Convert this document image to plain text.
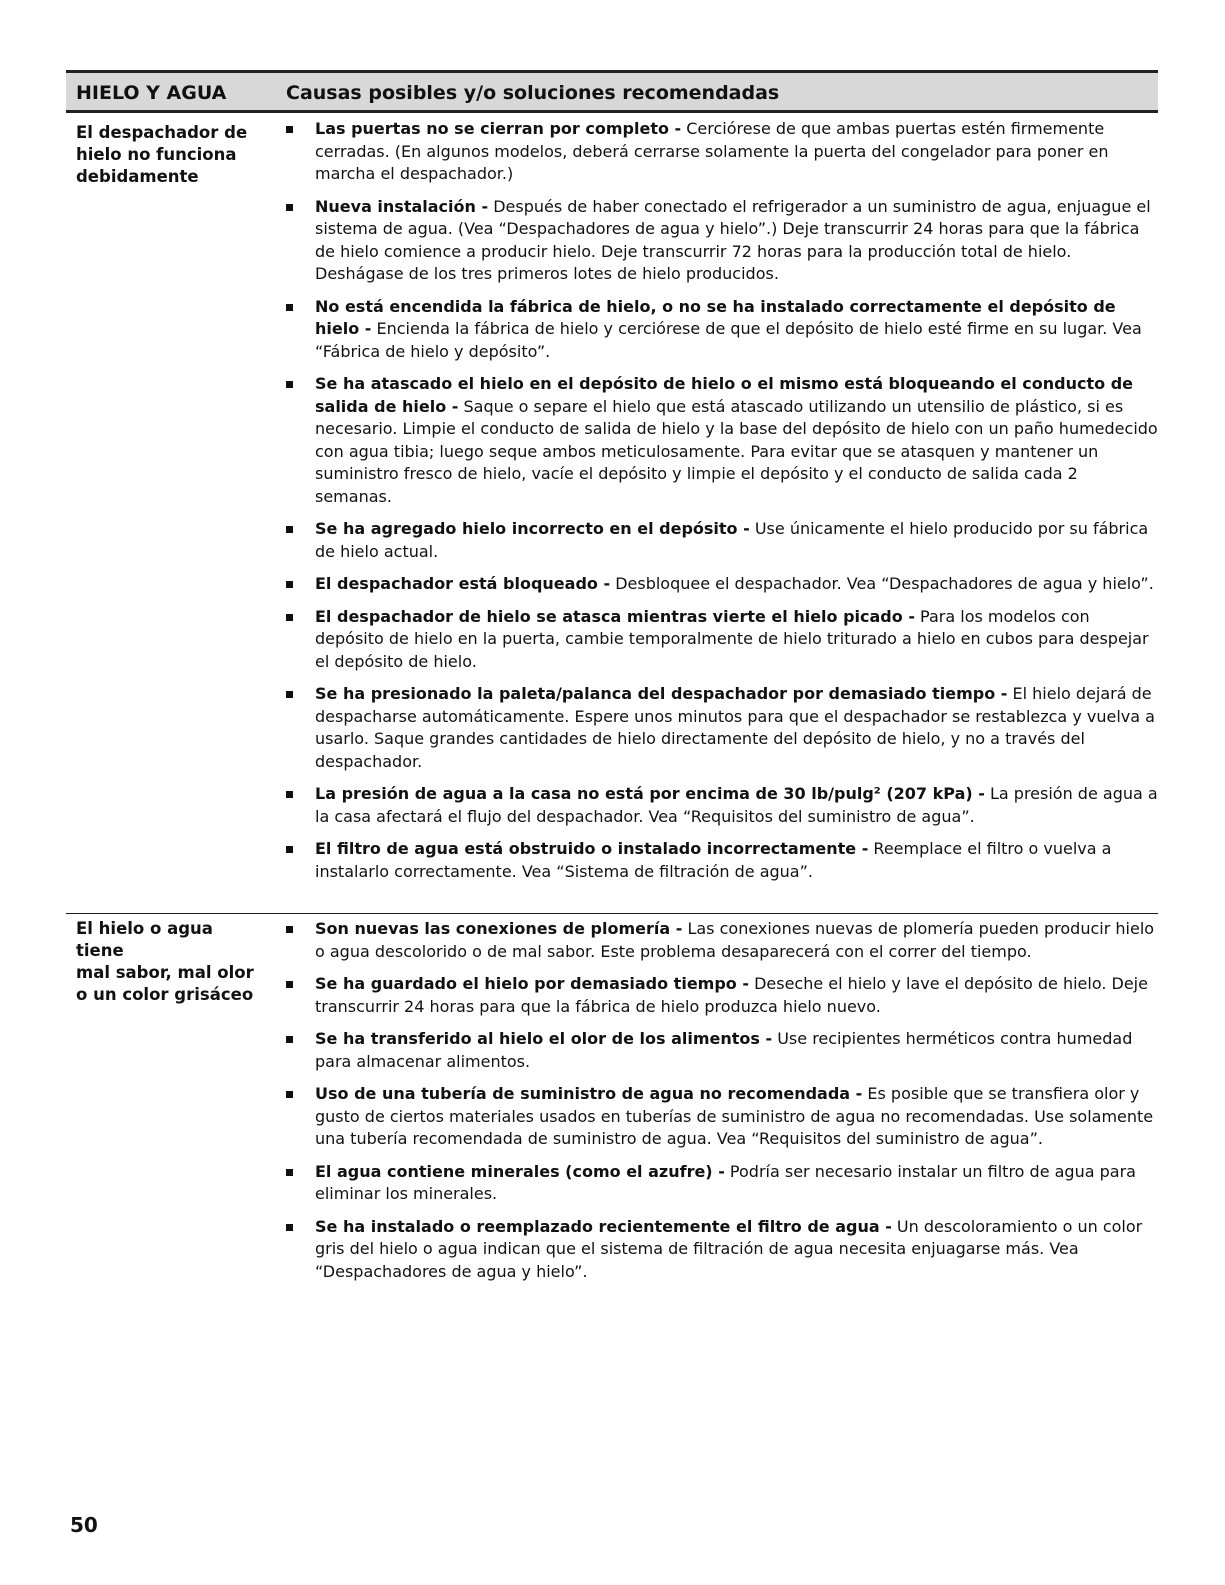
HIELO Y AGUA	Causas posibles y/o soluciones recomendadas
El despachador de
hielo no funciona
debidamente
Las puertas no se cierran por completo - Cerciórese de que ambas puertas estén firmemente cerradas. (En algunos modelos, deberá cerrarse solamente la puerta del congelador para poner en marcha el despachador.)
Nueva instalación - Después de haber conectado el refrigerador a un suministro de agua, enjuague el sistema de agua. (Vea “Despachadores de agua y hielo”.) Deje transcurrir 24 horas para que la fábrica de hielo comience a producir hielo. Deje transcurrir 72 horas para la producción total de hielo. Deshágase de los tres primeros lotes de hielo producidos.
No está encendida la fábrica de hielo, o no se ha instalado correctamente el depósito de hielo - Encienda la fábrica de hielo y cerciórese de que el depósito de hielo esté firme en su lugar. Vea “Fábrica de hielo y depósito”.
Se ha atascado el hielo en el depósito de hielo o el mismo está bloqueando el conducto de salida de hielo - Saque o separe el hielo que está atascado utilizando un utensilio de plástico, si es necesario. Limpie el conducto de salida de hielo y la base del depósito de hielo con un paño humedecido con agua tibia; luego seque ambos meticulosamente. Para evitar que se atasquen y mantener un suministro fresco de hielo, vacíe el depósito y limpie el depósito y el conducto de salida cada 2 semanas.
Se ha agregado hielo incorrecto en el depósito - Use únicamente el hielo producido por su fábrica de hielo actual.
El despachador está bloqueado - Desbloquee el despachador. Vea “Despachadores de agua y hielo”.
El despachador de hielo se atasca mientras vierte el hielo picado - Para los modelos con depósito de hielo en la puerta, cambie temporalmente de hielo triturado a hielo en cubos para despejar el depósito de hielo.
Se ha presionado la paleta/palanca del despachador por demasiado tiempo - El hielo dejará de despacharse automáticamente. Espere unos minutos para que el despachador se restablezca y vuelva a usarlo. Saque grandes cantidades de hielo directamente del depósito de hielo, y no a través del despachador.
La presión de agua a la casa no está por encima de 30 lb/pulg² (207 kPa) - La presión de agua a la casa afectará el flujo del despachador. Vea “Requisitos del suministro de agua”.
El filtro de agua está obstruido o instalado incorrectamente - Reemplace el filtro o vuelva a instalarlo correctamente. Vea “Sistema de filtración de agua”.
El hielo o agua tiene
mal sabor, mal olor
o un color grisáceo
Son nuevas las conexiones de plomería - Las conexiones nuevas de plomería pueden producir hielo o agua descolorido o de mal sabor. Este problema desaparecerá con el correr del tiempo.
Se ha guardado el hielo por demasiado tiempo - Deseche el hielo y lave el depósito de hielo. Deje transcurrir 24 horas para que la fábrica de hielo produzca hielo nuevo.
Se ha transferido al hielo el olor de los alimentos - Use recipientes herméticos contra humedad para almacenar alimentos.
Uso de una tubería de suministro de agua no recomendada - Es posible que se transfiera olor y gusto de ciertos materiales usados en tuberías de suministro de agua no recomendadas. Use solamente una tubería recomendada de suministro de agua. Vea “Requisitos del suministro de agua”.
El agua contiene minerales (como el azufre) - Podría ser necesario instalar un filtro de agua para eliminar los minerales.
Se ha instalado o reemplazado recientemente el filtro de agua - Un descoloramiento o un color gris del hielo o agua indican que el sistema de filtración de agua necesita enjuagarse más. Vea “Despachadores de agua y hielo”.
50
